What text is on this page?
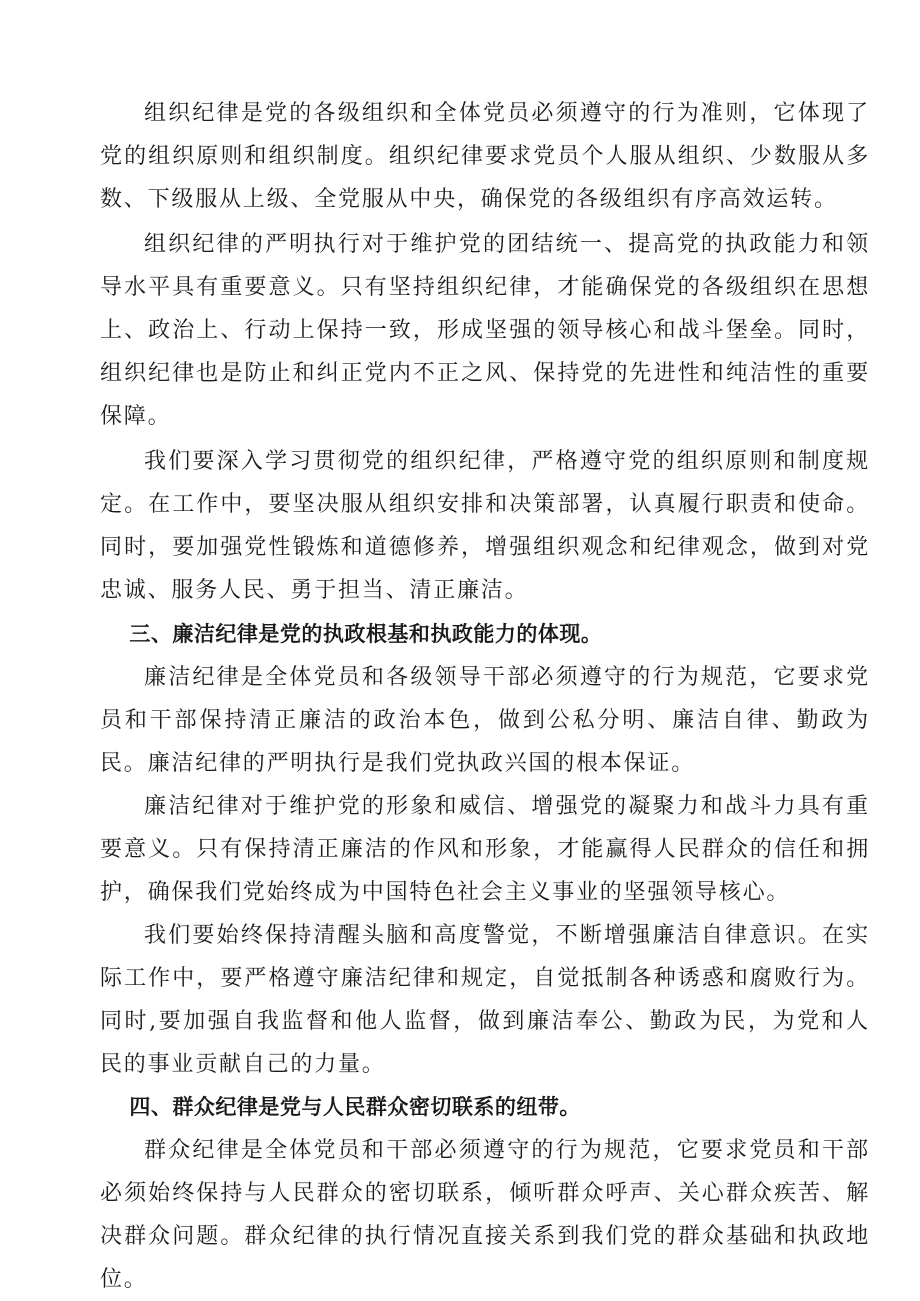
组织纪律是党的各级组织和全体党员必须遵守的行为准则，它体现了党的组织原则和组织制度。组织纪律要求党员个人服从组织、少数服从多数、下级服从上级、全党服从中央，确保党的各级组织有序高效运转。

组织纪律的严明执行对于维护党的团结统一、提高党的执政能力和领导水平具有重要意义。只有坚持组织纪律，才能确保党的各级组织在思想上、政治上、行动上保持一致，形成坚强的领导核心和战斗堡垒。同时，组织纪律也是防止和纠正党内不正之风、保持党的先进性和纯洁性的重要保障。

我们要深入学习贯彻党的组织纪律，严格遵守党的组织原则和制度规定。在工作中，要坚决服从组织安排和决策部署，认真履行职责和使命。同时，要加强党性锻炼和道德修养，增强组织观念和纪律观念，做到对党忠诚、服务人民、勇于担当、清正廉洁。

三、廉洁纪律是党的执政根基和执政能力的体现。

廉洁纪律是全体党员和各级领导干部必须遵守的行为规范，它要求党员和干部保持清正廉洁的政治本色，做到公私分明、廉洁自律、勤政为民。廉洁纪律的严明执行是我们党执政兴国的根本保证。

廉洁纪律对于维护党的形象和威信、增强党的凝聚力和战斗力具有重要意义。只有保持清正廉洁的作风和形象，才能赢得人民群众的信任和拥护，确保我们党始终成为中国特色社会主义事业的坚强领导核心。

我们要始终保持清醒头脑和高度警觉，不断增强廉洁自律意识。在实际工作中，要严格遵守廉洁纪律和规定，自觉抵制各种诱惑和腐败行为。同时,要加强自我监督和他人监督，做到廉洁奉公、勤政为民，为党和人民的事业贡献自己的力量。

四、群众纪律是党与人民群众密切联系的纽带。

群众纪律是全体党员和干部必须遵守的行为规范，它要求党员和干部必须始终保持与人民群众的密切联系，倾听群众呼声、关心群众疾苦、解决群众问题。群众纪律的执行情况直接关系到我们党的群众基础和执政地位。
